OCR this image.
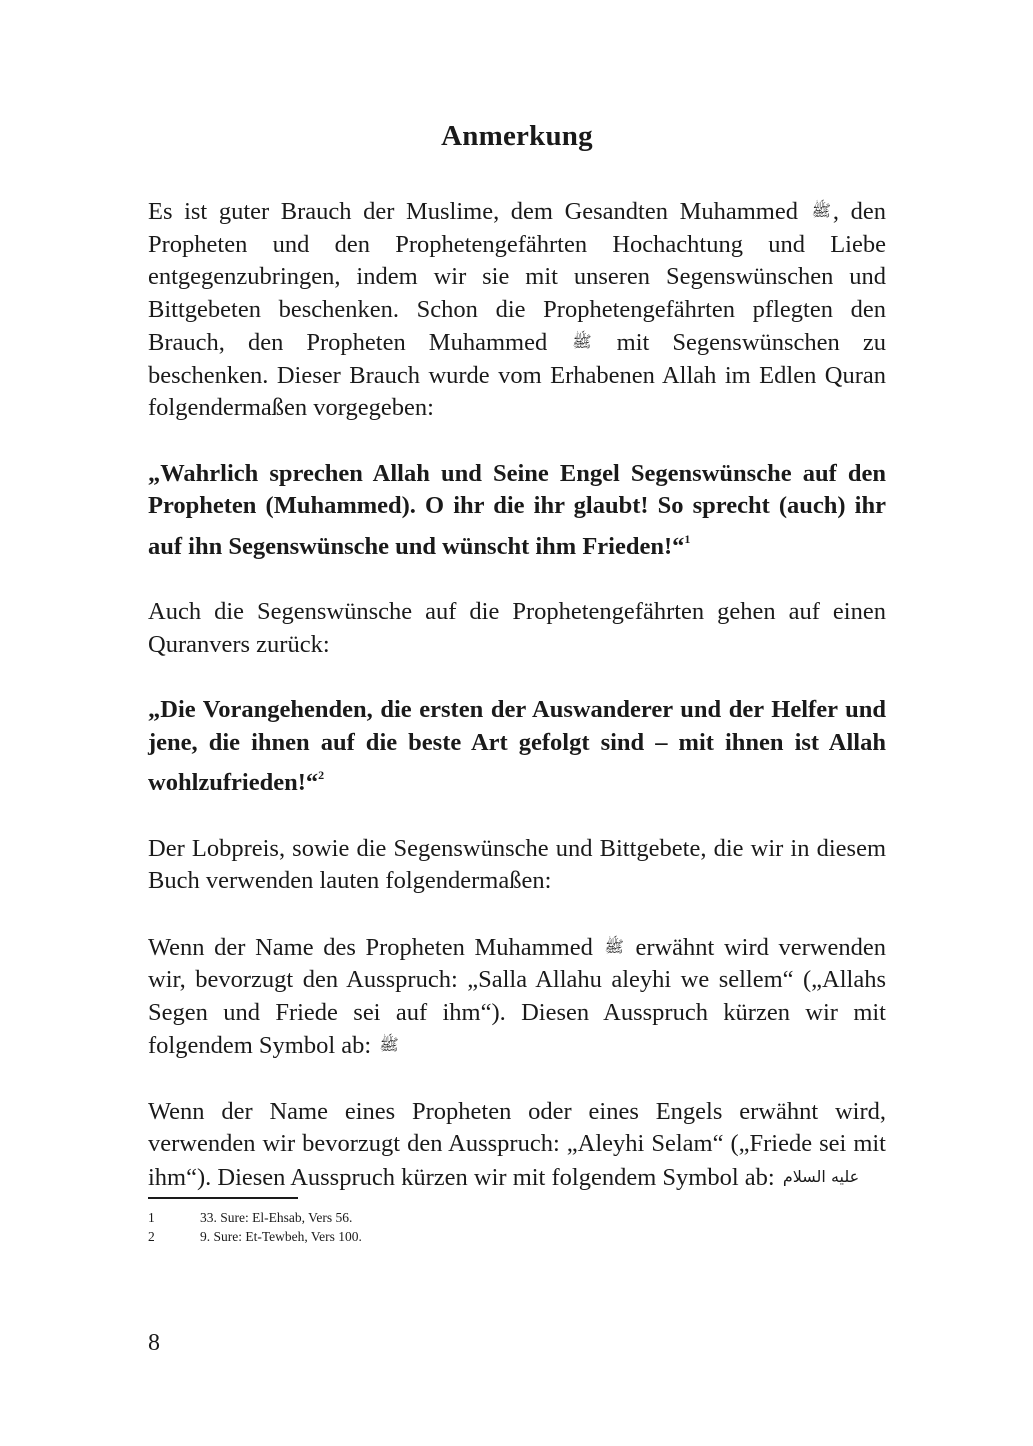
Anmerkung

Es ist guter Brauch der Muslime, dem Gesandten Muhammed ﷺ, den Propheten und den Prophetengefährten Hochachtung und Liebe entgegenzubringen, indem wir sie mit unseren Segenswünschen und Bittgebeten beschenken. Schon die Prophetengefährten pflegten den Brauch, den Propheten Muhammed ﷺ mit Segenswünschen zu beschenken. Dieser Brauch wurde vom Erhabenen Allah im Edlen Quran folgendermaßen vorgegeben:

„Wahrlich sprechen Allah und Seine Engel Segenswünsche auf den Propheten (Muhammed). O ihr die ihr glaubt! So sprecht (auch) ihr auf ihn Segenswünsche und wünscht ihm Frieden!“$^1$

Auch die Segenswünsche auf die Prophetengefährten gehen auf einen Quranvers zurück:

„Die Vorangehenden, die ersten der Auswanderer und der Helfer und jene, die ihnen auf die beste Art gefolgt sind – mit ihnen ist Allah wohlzufrieden!“$^2$

Der Lobpreis, sowie die Segenswünsche und Bittgebete, die wir in diesem Buch verwenden lauten folgendermaßen:

Wenn der Name des Propheten Muhammed ﷺ erwähnt wird verwenden wir, bevorzugt den Ausspruch: „Salla Allahu aleyhi we sellem“ („Allahs Segen und Friede sei auf ihm“). Diesen Ausspruch kürzen wir mit folgendem Symbol ab: ﷺ

Wenn der Name eines Propheten oder eines Engels erwähnt wird, verwenden wir bevorzugt den Ausspruch: „Aleyhi Selam“ („Friede sei mit ihm“). Diesen Ausspruch kürzen wir mit folgendem Symbol ab: عليه السلام

1	33. Sure: El-Ehsab, Vers 56.
2	9. Sure: Et-Tewbeh, Vers 100.
8
